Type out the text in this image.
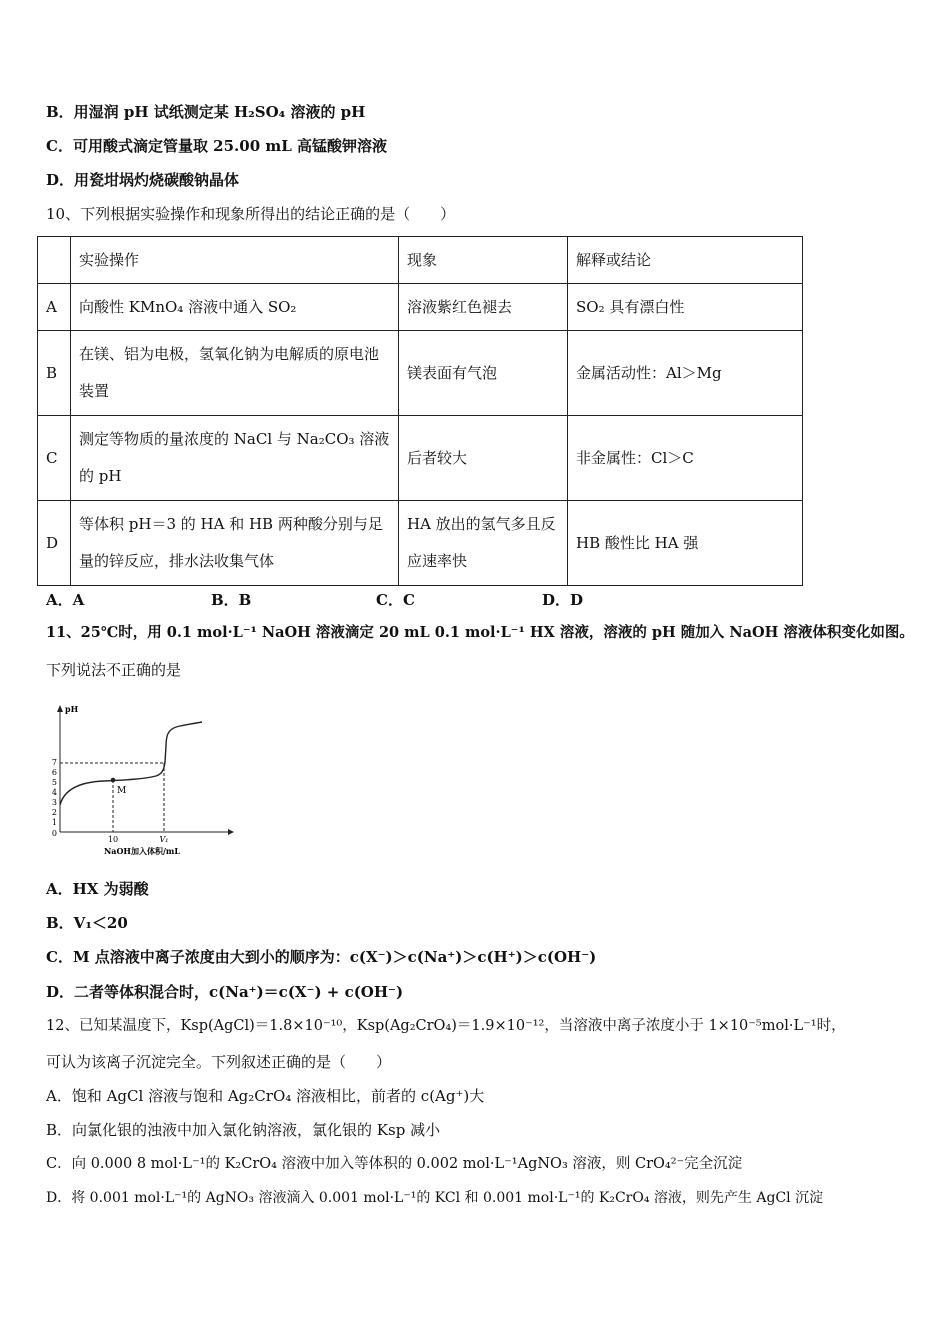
B．用湿润 pH 试纸测定某 H₂SO₄ 溶液的 pH
C．可用酸式滴定管量取 25.00 mL 高锰酸钾溶液
D．用瓷坩埚灼烧碳酸钠晶体
10、下列根据实验操作和现象所得出的结论正确的是（　　）
	实验操作	现象	解释或结论
A	向酸性 KMnO₄ 溶液中通入 SO₂	溶液紫红色褪去	SO₂ 具有漂白性
B	在镁、铝为电极，氢氧化钠为电解质的原电池装置	镁表面有气泡	金属活动性：Al＞Mg
C	测定等物质的量浓度的 NaCl 与 Na₂CO₃ 溶液的 pH	后者较大	非金属性：Cl＞C
D	等体积 pH＝3 的 HA 和 HB 两种酸分别与足量的锌反应，排水法收集气体	HA 放出的氢气多且反应速率快	HB 酸性比 HA 强
A．A	B．B	C．C	D．D
11、25℃时，用 0.1 mol·L⁻¹ NaOH 溶液滴定 20 mL 0.1 mol·L⁻¹ HX 溶液，溶液的 pH 随加入 NaOH 溶液体积变化如图。
下列说法不正确的是
pH
7
6
5
4
3
2
1
0
M
10	V₁
NaOH加入体积/mL
A．HX 为弱酸
B．V₁＜20
C．M 点溶液中离子浓度由大到小的顺序为：c(X⁻)＞c(Na⁺)＞c(H⁺)＞c(OH⁻)
D．二者等体积混合时，c(Na⁺)＝c(X⁻) + c(OH⁻)
12、已知某温度下，Ksp(AgCl)＝1.8×10⁻¹⁰，Ksp(Ag₂CrO₄)＝1.9×10⁻¹²，当溶液中离子浓度小于 1×10⁻⁵mol·L⁻¹时，
可认为该离子沉淀完全。下列叙述正确的是（　　）
A．饱和 AgCl 溶液与饱和 Ag₂CrO₄ 溶液相比，前者的 c(Ag⁺)大
B．向氯化银的浊液中加入氯化钠溶液，氯化银的 Ksp 减小
C．向 0.000 8 mol·L⁻¹的 K₂CrO₄ 溶液中加入等体积的 0.002 mol·L⁻¹AgNO₃ 溶液，则 CrO₄²⁻完全沉淀
D．将 0.001 mol·L⁻¹的 AgNO₃ 溶液滴入 0.001 mol·L⁻¹的 KCl 和 0.001 mol·L⁻¹的 K₂CrO₄ 溶液，则先产生 AgCl 沉淀
